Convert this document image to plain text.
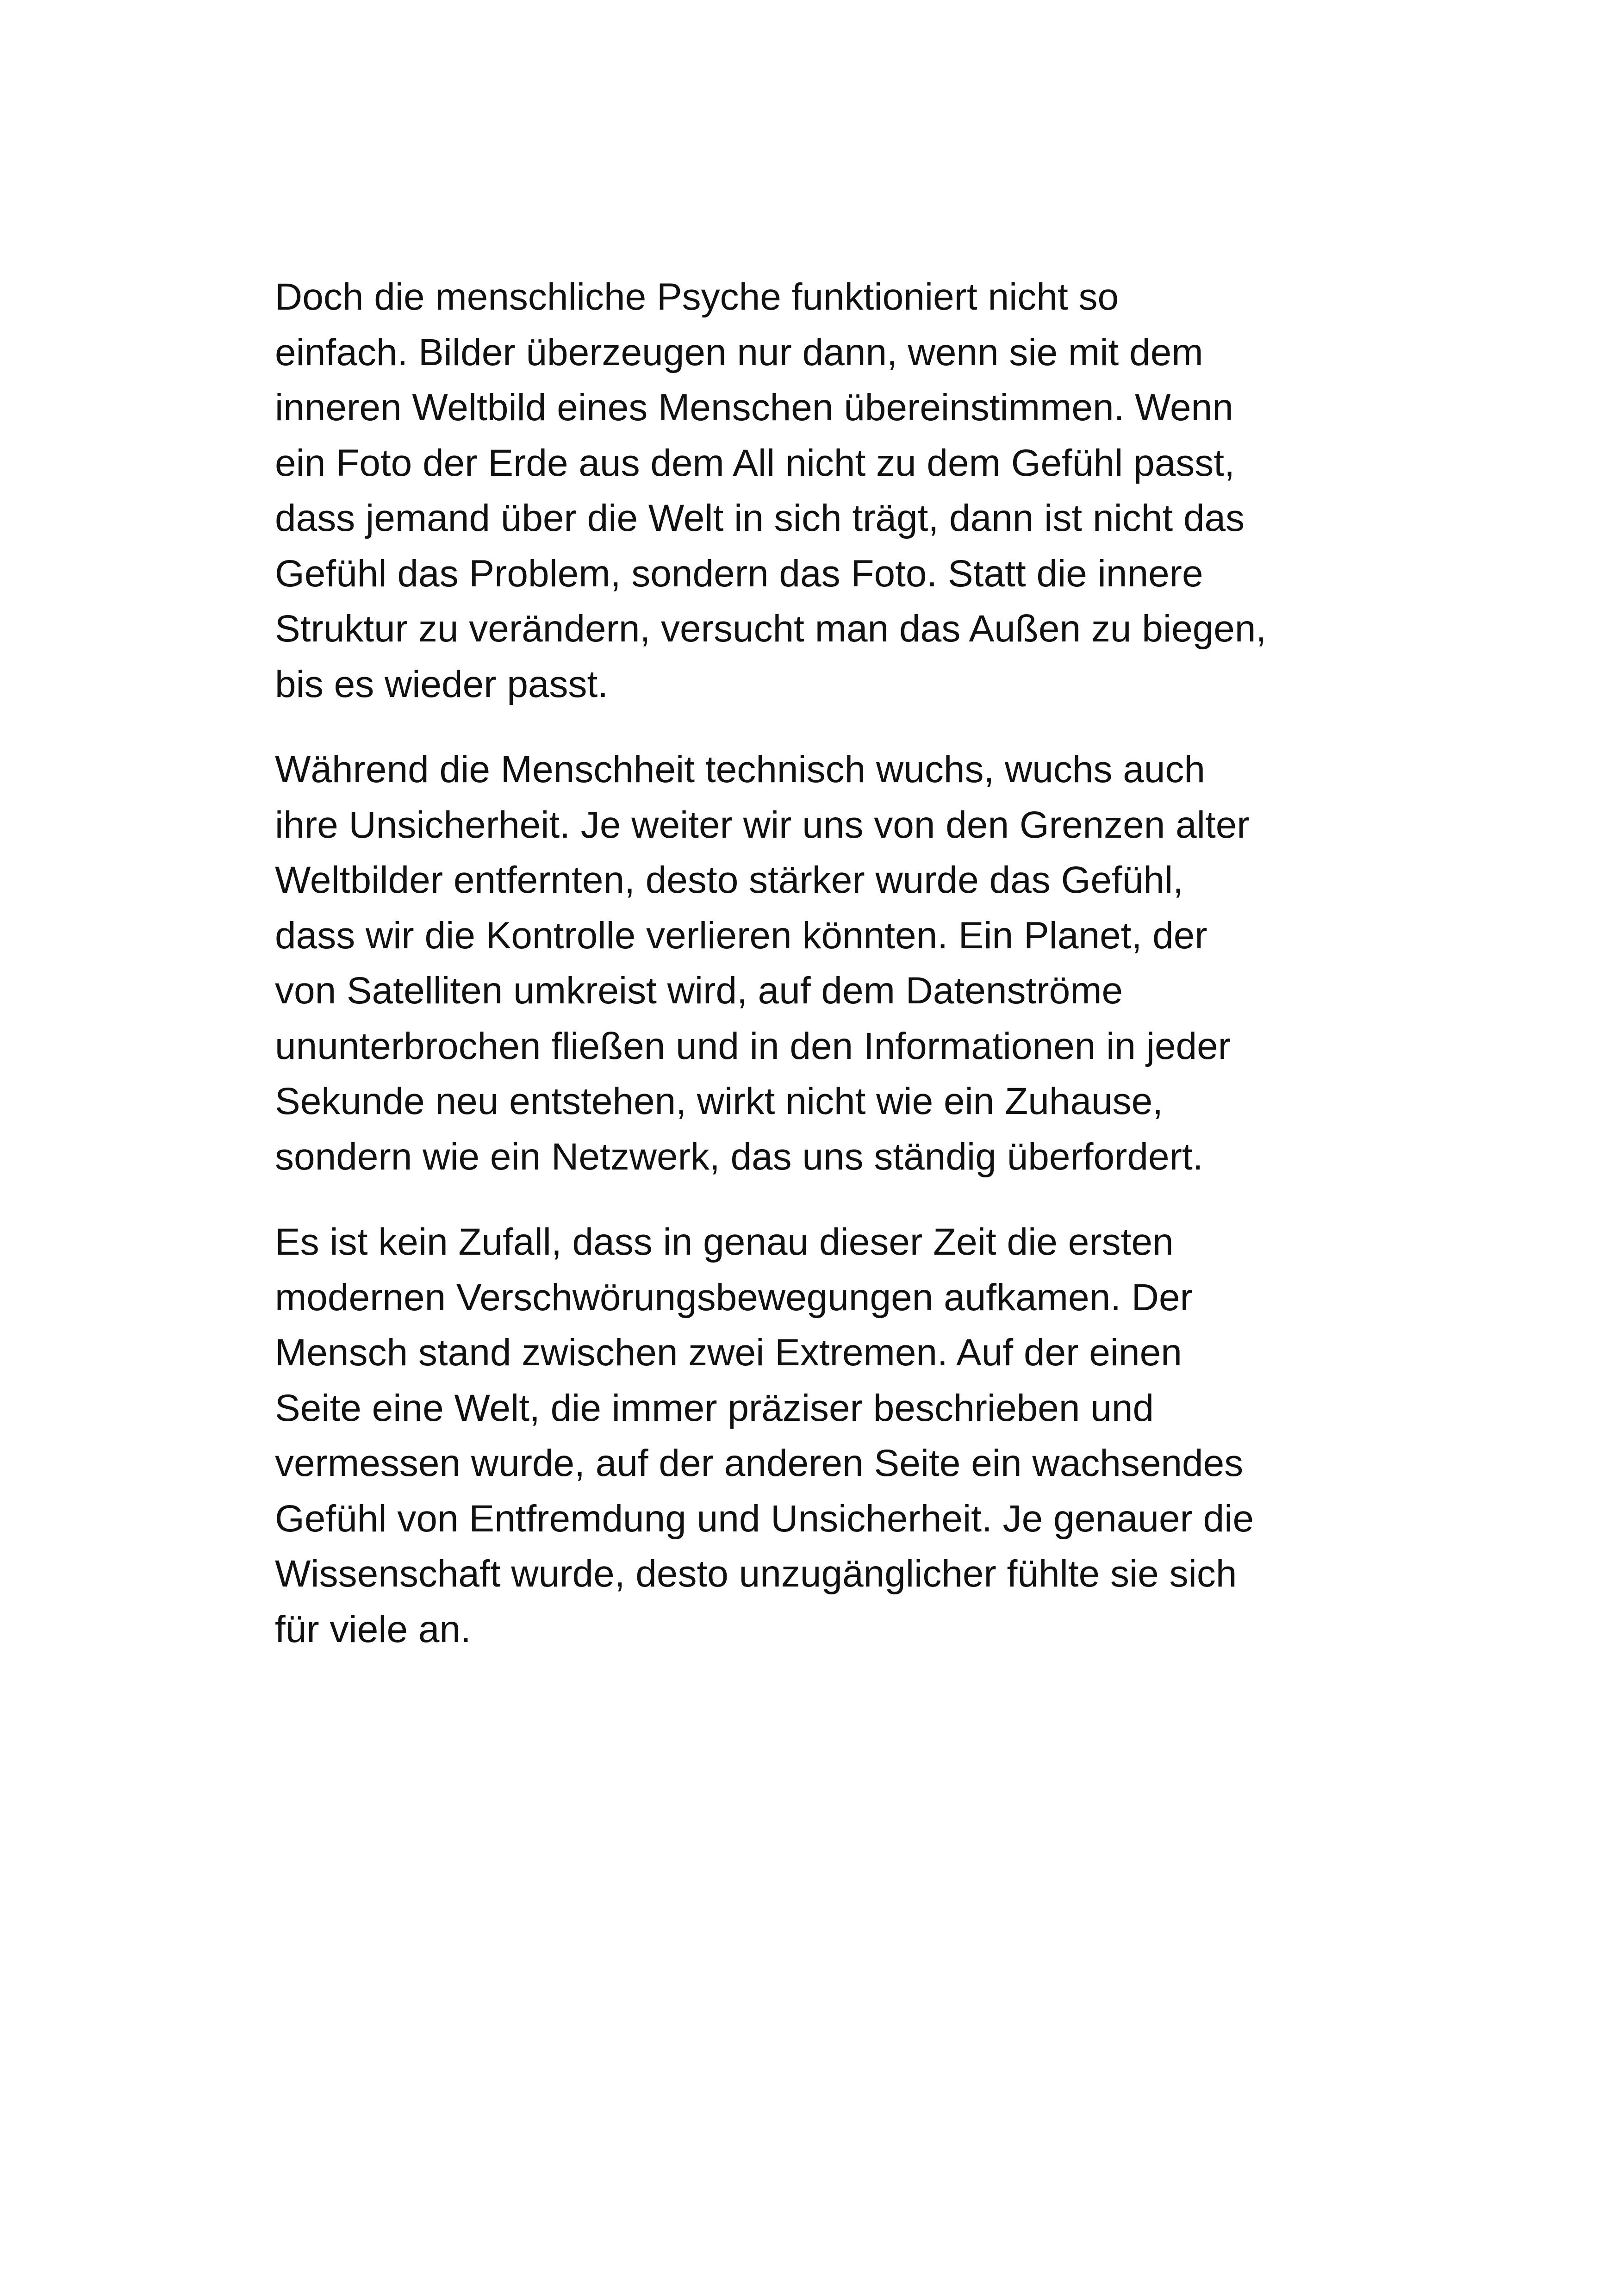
Doch die menschliche Psyche funktioniert nicht so
einfach. Bilder überzeugen nur dann, wenn sie mit dem
inneren Weltbild eines Menschen übereinstimmen. Wenn
ein Foto der Erde aus dem All nicht zu dem Gefühl passt,
dass jemand über die Welt in sich trägt, dann ist nicht das
Gefühl das Problem, sondern das Foto. Statt die innere
Struktur zu verändern, versucht man das Außen zu biegen,
bis es wieder passt.

Während die Menschheit technisch wuchs, wuchs auch
ihre Unsicherheit. Je weiter wir uns von den Grenzen alter
Weltbilder entfernten, desto stärker wurde das Gefühl,
dass wir die Kontrolle verlieren könnten. Ein Planet, der
von Satelliten umkreist wird, auf dem Datenströme
ununterbrochen fließen und in den Informationen in jeder
Sekunde neu entstehen, wirkt nicht wie ein Zuhause,
sondern wie ein Netzwerk, das uns ständig überfordert.

Es ist kein Zufall, dass in genau dieser Zeit die ersten
modernen Verschwörungsbewegungen aufkamen. Der
Mensch stand zwischen zwei Extremen. Auf der einen
Seite eine Welt, die immer präziser beschrieben und
vermessen wurde, auf der anderen Seite ein wachsendes
Gefühl von Entfremdung und Unsicherheit. Je genauer die
Wissenschaft wurde, desto unzugänglicher fühlte sie sich
für viele an.
